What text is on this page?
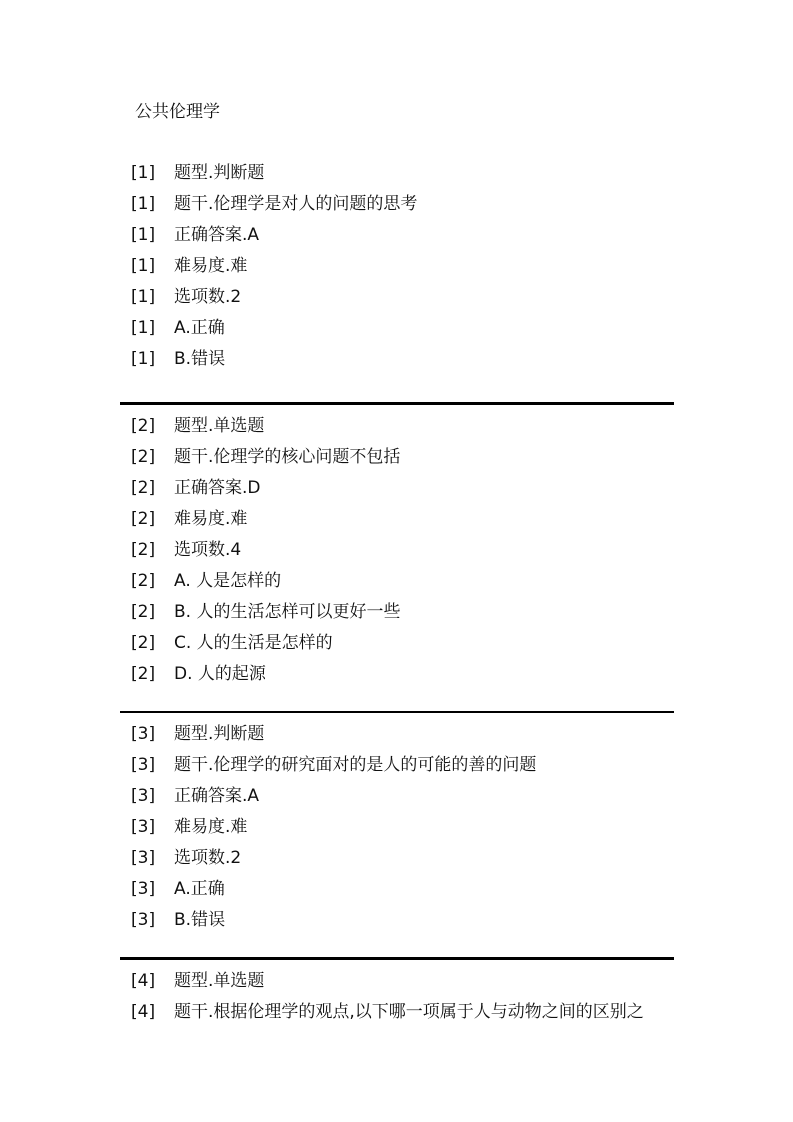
公共伦理学
[1] 题型.判断题
[1] 题干.伦理学是对人的问题的思考
[1] 正确答案.A
[1] 难易度.难
[1] 选项数.2
[1] A.正确
[1] B.错误
[2] 题型.单选题
[2] 题干.伦理学的核心问题不包括
[2] 正确答案.D
[2] 难易度.难
[2] 选项数.4
[2] A. 人是怎样的
[2] B. 人的生活怎样可以更好一些
[2] C. 人的生活是怎样的
[2] D. 人的起源
[3] 题型.判断题
[3] 题干.伦理学的研究面对的是人的可能的善的问题
[3] 正确答案.A
[3] 难易度.难
[3] 选项数.2
[3] A.正确
[3] B.错误
[4] 题型.单选题
[4] 题干.根据伦理学的观点,以下哪一项属于人与动物之间的区别之
